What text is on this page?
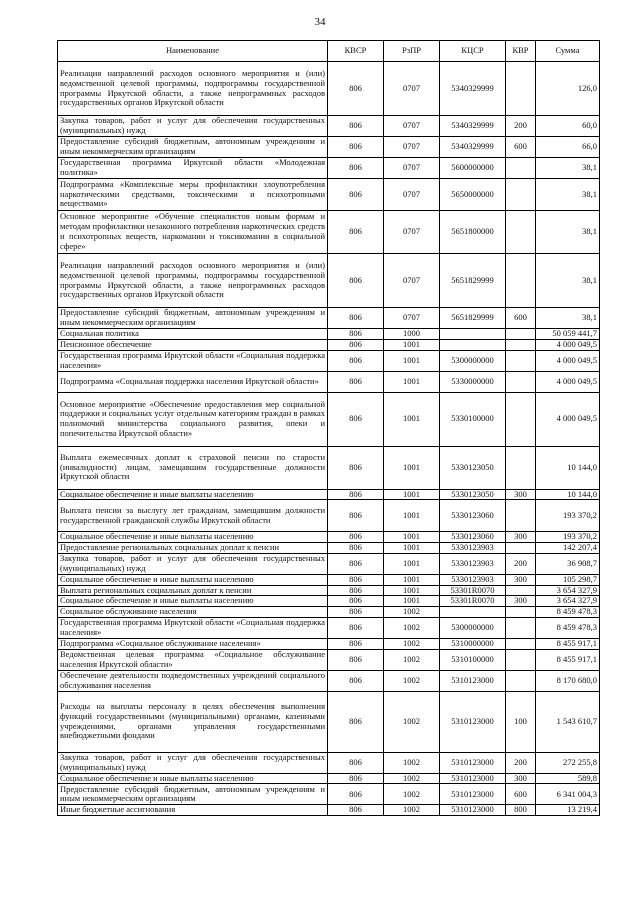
34
Наименование	КВСР	РзПР	КЦСР	КВР	Сумма
Реализация направлений расходов основного мероприятия и (или) ведомственной целевой программы, подпрограммы государственной программы Иркутской области, а также непрограммных расходов государственных органов Иркутской области	806	0707	5340329999		126,0
Закупка товаров, работ и услуг для обеспечения государственных (муниципальных) нужд	806	0707	5340329999	200	60,0
Предоставление субсидий бюджетным, автономным учреждениям и иным некоммерческим организациям	806	0707	5340329999	600	66,0
Государственная программа Иркутской области «Молодежная политика»	806	0707	5600000000		38,1
Подпрограмма «Комплексные меры профилактики злоупотребления наркотическими средствами, токсическими и психотропными веществами»	806	0707	5650000000		38,1
Основное мероприятие «Обучение специалистов новым формам и методам профилактики незаконного потребления наркотических средств и психотропных веществ, наркомании и токсикомании в социальной сфере»	806	0707	5651800000		38,1
Реализация направлений расходов основного мероприятия и (или) ведомственной целевой программы, подпрограммы государственной программы Иркутской области, а также непрограммных расходов государственных органов Иркутской области	806	0707	5651829999		38,1
Предоставление субсидий бюджетным, автономным учреждениям и иным некоммерческим организациям	806	0707	5651829999	600	38,1
Социальная политика	806	1000			50 059 441,7
Пенсионное обеспечение	806	1001			4 000 049,5
Государственная программа Иркутской области «Социальная поддержка населения»	806	1001	5300000000		4 000 049,5
Подпрограмма «Социальная поддержка населения Иркутской области»	806	1001	5330000000		4 000 049,5
Основное мероприятие «Обеспечение предоставления мер социальной поддержки и социальных услуг отдельным категориям граждан в рамках полномочий министерства социального развития, опеки и попечительства Иркутской области»	806	1001	5330100000		4 000 049,5
Выплата ежемесячных доплат к страховой пенсии по старости (инвалидности) лицам, замещавшим государственные должности Иркутской области	806	1001	5330123050		10 144,0
Социальное обеспечение и иные выплаты населению	806	1001	5330123050	300	10 144,0
Выплата пенсии за выслугу лет гражданам, замещавшим должности государственной гражданской службы Иркутской области	806	1001	5330123060		193 370,2
Социальное обеспечение и иные выплаты населению	806	1001	5330123060	300	193 370,2
Предоставление региональных социальных доплат к пенсии	806	1001	5330123903		142 207,4
Закупка товаров, работ и услуг для обеспечения государственных (муниципальных) нужд	806	1001	5330123903	200	36 908,7
Социальное обеспечение и иные выплаты населению	806	1001	5330123903	300	105 298,7
Выплата региональных социальных доплат к пенсии	806	1001	53301R0070		3 654 327,9
Социальное обеспечение и иные выплаты населению	806	1001	53301R0070	300	3 654 327,9
Социальное обслуживание населения	806	1002			8 459 478,3
Государственная программа Иркутской области «Социальная поддержка населения»	806	1002	5300000000		8 459 478,3
Подпрограмма «Социальное обслуживание населения»	806	1002	5310000000		8 455 917,1
Ведомственная целевая программа «Социальное обслуживание населения Иркутской области»	806	1002	5310100000		8 455 917,1
Обеспечение деятельности подведомственных учреждений социального обслуживания населения	806	1002	5310123000		8 170 680,0
Расходы на выплаты персоналу в целях обеспечения выполнения функций государственными (муниципальными) органами, казенными учреждениями, органами управления государственными внебюджетными фондами	806	1002	5310123000	100	1 543 610,7
Закупка товаров, работ и услуг для обеспечения государственных (муниципальных) нужд	806	1002	5310123000	200	272 255,8
Социальное обеспечение и иные выплаты населению	806	1002	5310123000	300	589,8
Предоставление субсидий бюджетным, автономным учреждениям и иным некоммерческим организациям	806	1002	5310123000	600	6 341 004,3
Иные бюджетные ассигнования	806	1002	5310123000	800	13 219,4
